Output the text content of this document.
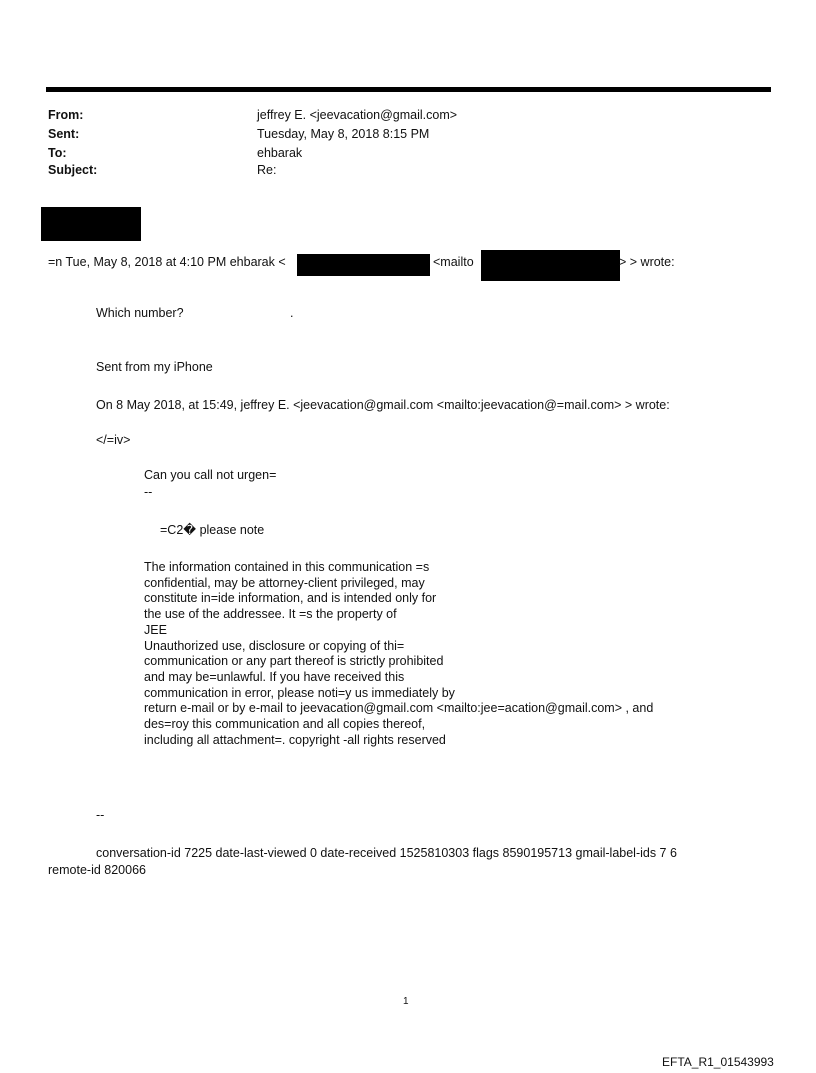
From:	jeffrey E. <jeevacation@gmail.com>
Sent:	Tuesday, May 8, 2018 8:15 PM
To:	ehbarak
Subject:	Re:
=n Tue, May 8, 2018 at 4:10 PM ehbarak <	<mailto	> > wrote:
Which number?	.
Sent from my iPhone
On 8 May 2018, at 15:49, jeffrey E. <jeevacation@gmail.com <mailto:jeevacation@=mail.com> > wrote:
</=iv>
Can you call not urgen=
--
=C2� please note
The information contained in this communication =s
confidential, may be attorney-client privileged, may
constitute in=ide information, and is intended only for
the use of the addressee. It =s the property of
JEE
Unauthorized use, disclosure or copying of thi=
communication or any part thereof is strictly prohibited
and may be=unlawful. If you have received this
communication in error, please noti=y us immediately by
return e-mail or by e-mail to jeevacation@gmail.com <mailto:jee=acation@gmail.com> , and
des=roy this communication and all copies thereof,
including all attachment=. copyright -all rights reserved
--
conversation-id 7225 date-last-viewed 0 date-received 1525810303 flags 8590195713 gmail-label-ids 7 6
remote-id 820066
1
EFTA_R1_01543993
